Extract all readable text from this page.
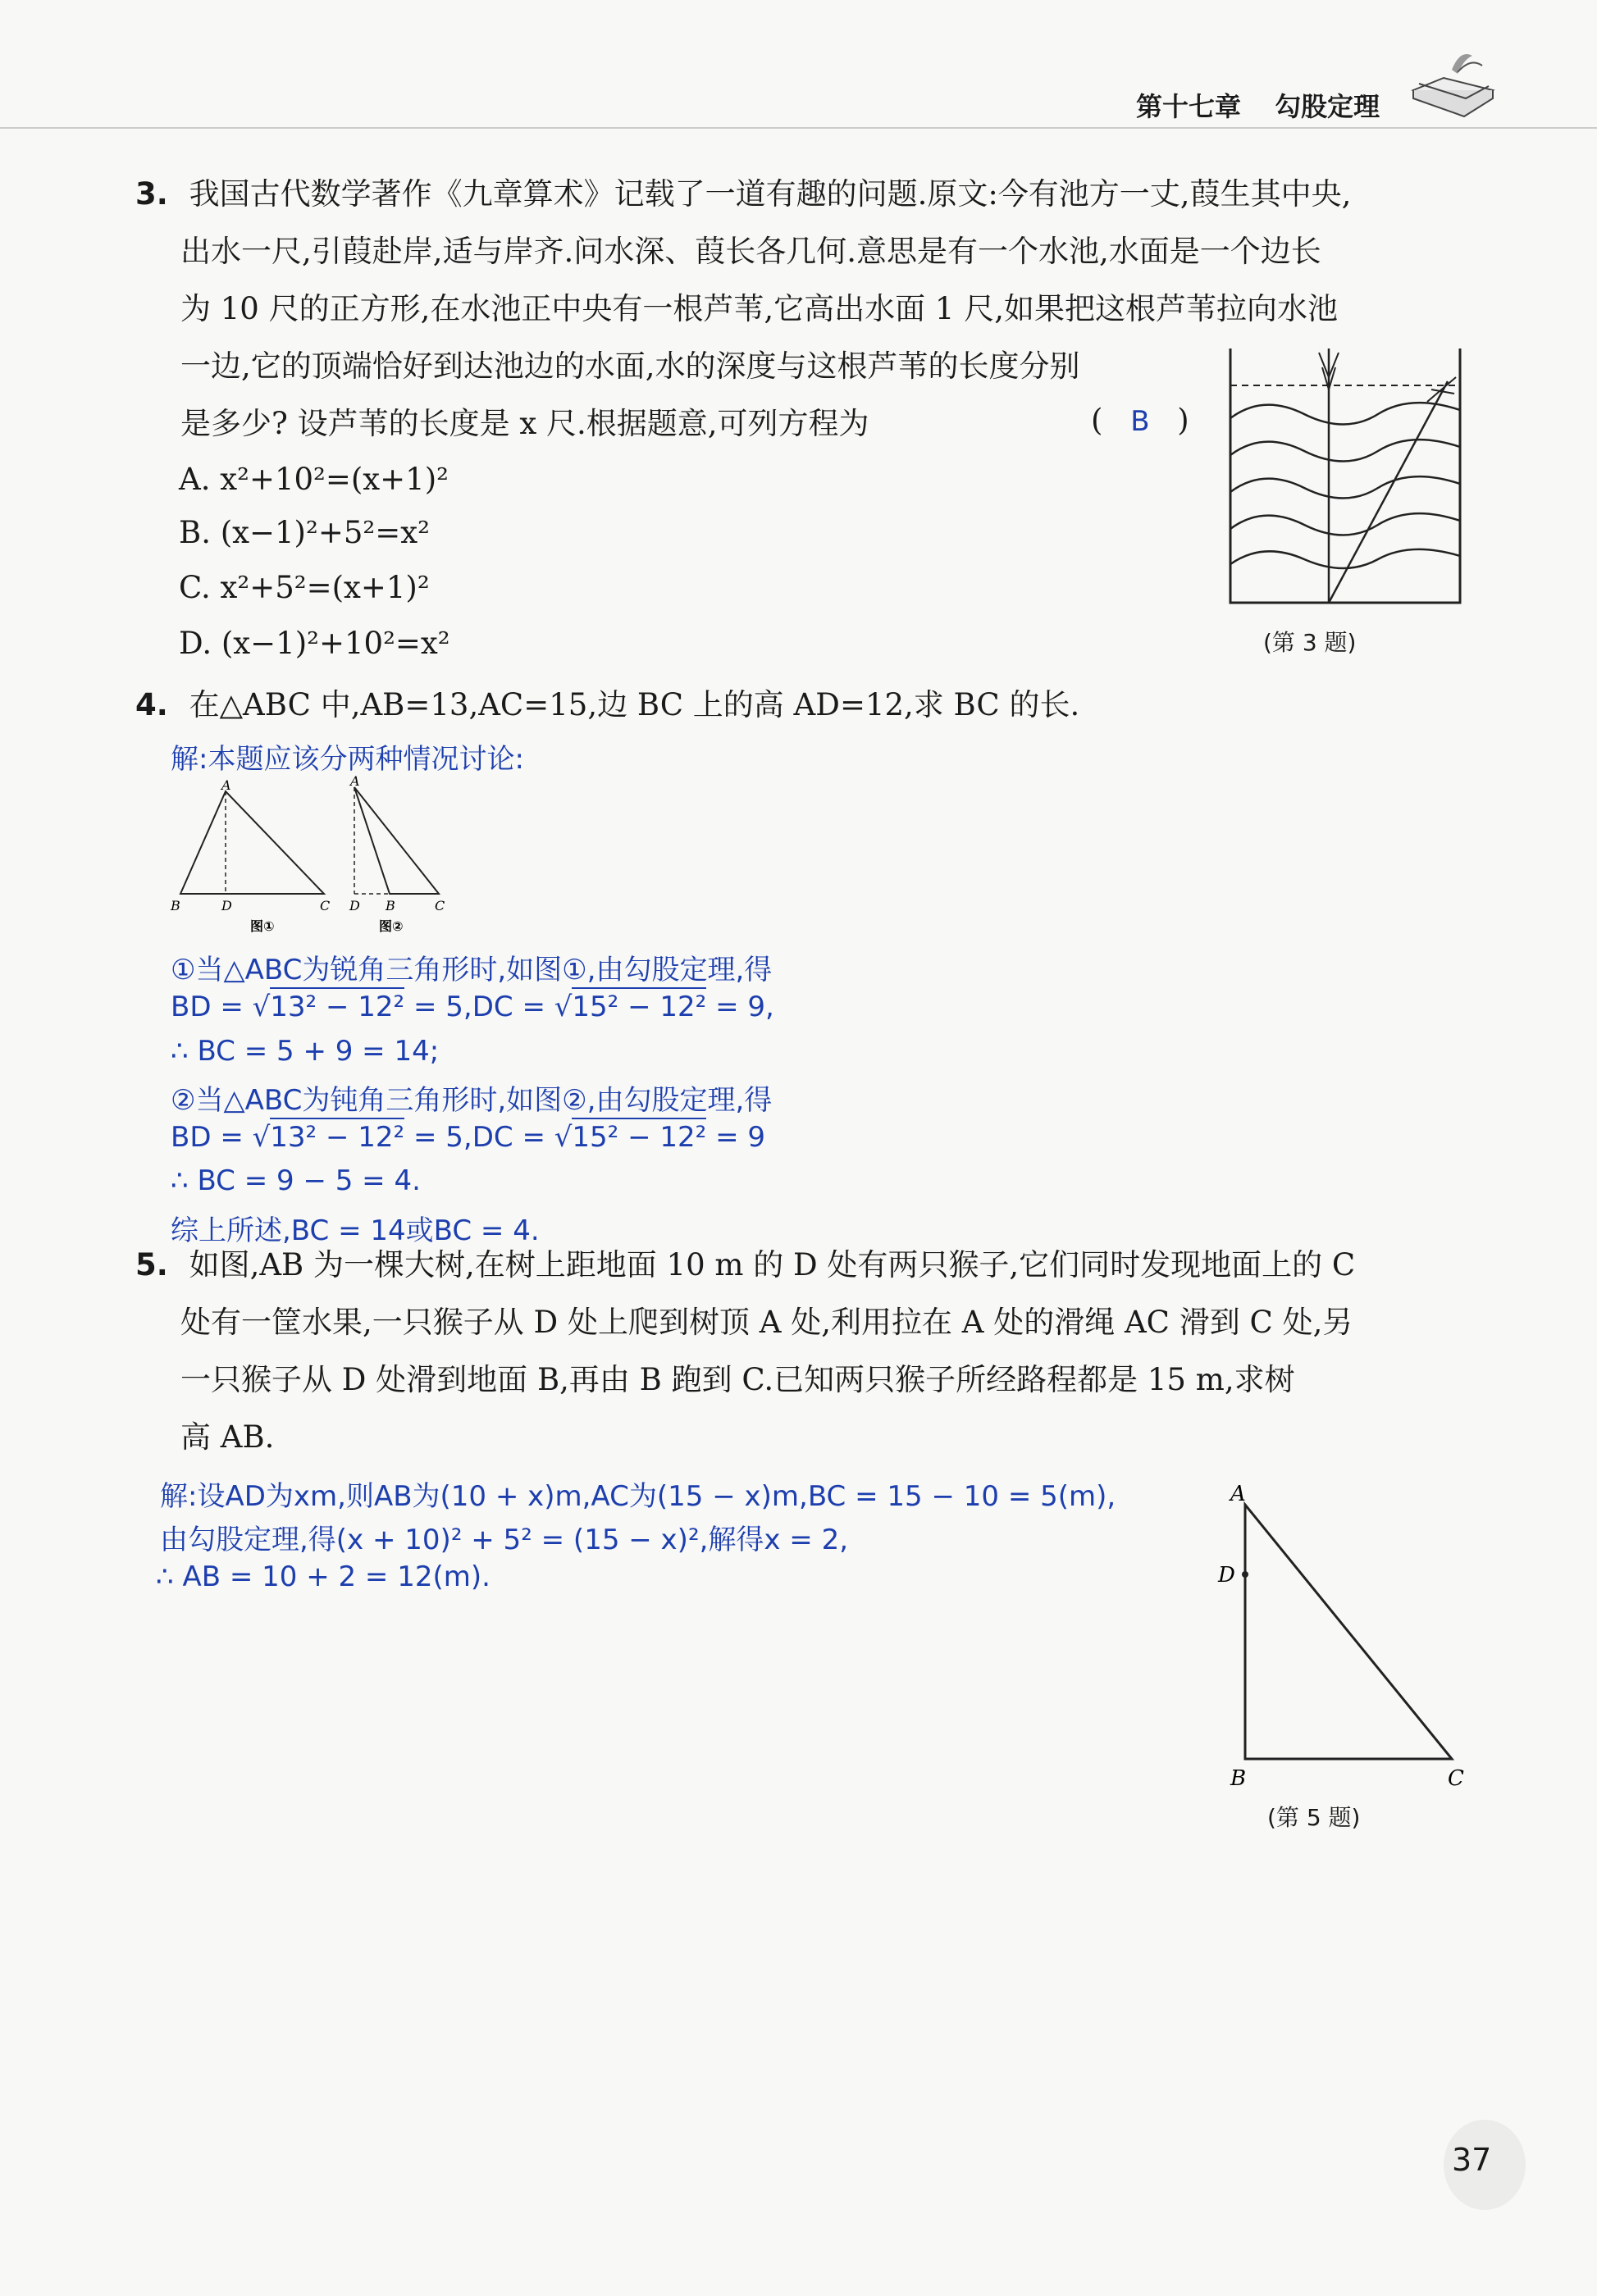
第十七章 勾股定理
3. 我国古代数学著作《九章算术》记载了一道有趣的问题.原文:今有池方一丈,葭生其中央,
出水一尺,引葭赴岸,适与岸齐.问水深、葭长各几何.意思是有一个水池,水面是一个边长
为 10 尺的正方形,在水池正中央有一根芦苇,它高出水面 1 尺,如果把这根芦苇拉向水池
一边,它的顶端恰好到达池边的水面,水的深度与这根芦苇的长度分别
是多少? 设芦苇的长度是 x 尺.根据题意,可列方程为	( B )
A. x²+10²=(x+1)²
B. (x−1)²+5²=x²
C. x²+5²=(x+1)²
D. (x−1)²+10²=x²	(第 3 题)
4. 在△ABC 中,AB=13,AC=15,边 BC 上的高 AD=12,求 BC 的长.
解:本题应该分两种情况讨论:
A
B	D	C
图①
A
D B	C
图②
①当△ABC为锐角三角形时,如图①,由勾股定理,得
BD = √13² − 12² = 5,DC = √15² − 12² = 9,
∴ BC = 5 + 9 = 14;
②当△ABC为钝角三角形时,如图②,由勾股定理,得
BD = √13² − 12² = 5,DC = √15² − 12² = 9
∴ BC = 9 − 5 = 4.
综上所述,BC = 14或BC = 4.
5. 如图,AB 为一棵大树,在树上距地面 10 m 的 D 处有两只猴子,它们同时发现地面上的 C
处有一筐水果,一只猴子从 D 处上爬到树顶 A 处,利用拉在 A 处的滑绳 AC 滑到 C 处,另
一只猴子从 D 处滑到地面 B,再由 B 跑到 C.已知两只猴子所经路程都是 15 m,求树
高 AB.
解:设AD为xm,则AB为(10 + x)m,AC为(15 − x)m,BC = 15 − 10 = 5(m),
由勾股定理,得(x + 10)² + 5² = (15 − x)²,解得x = 2,
∴ AB = 10 + 2 = 12(m).
A
D
B	C
(第 5 题)
37
